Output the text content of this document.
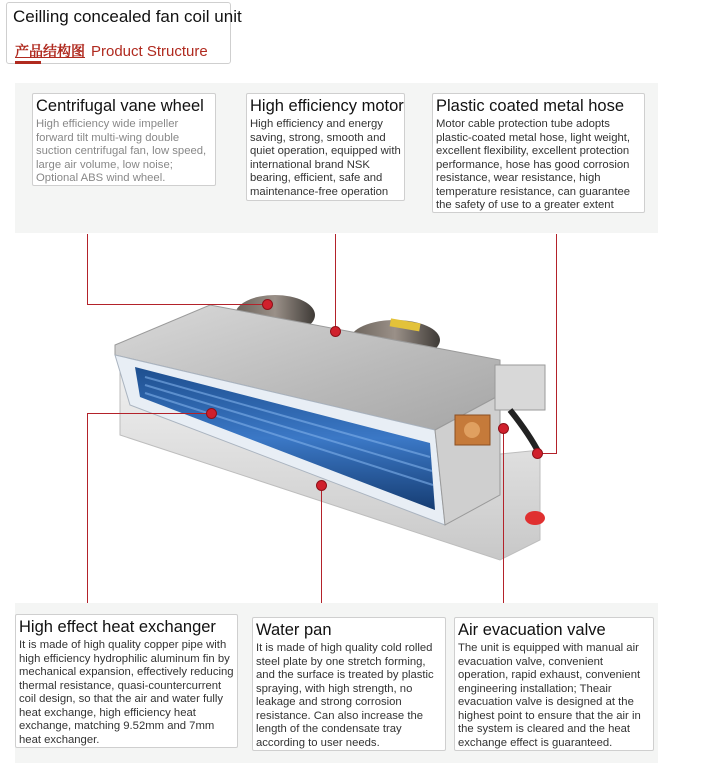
Ceilling concealed fan coil unit
产品结构图 Product Structure
Centrifugal vane wheel
High efficiency wide impeller forward tilt multi-wing double suction centrifugal fan, low speed, large air volume, low noise; Optional ABS wind wheel.
High efficiency motor
High efficiency and energy saving, strong, smooth and quiet operation, equipped with international brand NSK bearing, efficient, safe and maintenance-free operation
Plastic coated metal hose
Motor cable protection tube adopts plastic-coated metal hose, light weight, excellent flexibility, excellent protection performance, hose has good corrosion resistance, wear resistance, high temperature resistance, can guarantee the safety of use to a greater extent
High effect heat exchanger
It is made of high quality copper pipe with high efficiency hydrophilic aluminum fin by mechanical expansion, effectively reducing thermal resistance, quasi-countercurrent coil design, so that the air and water fully heat exchange, high efficiency heat exchange, matching 9.52mm and 7mm heat exchanger.
Water pan
It is made of high quality cold rolled steel plate by one stretch forming, and the surface is treated by plastic spraying, with high strength, no leakage and strong corrosion resistance. Can also increase the length of the condensate tray according to user needs.
Air evacuation valve
The unit is equipped with manual air evacuation valve, convenient operation, rapid exhaust, convenient engineering installation; Theair evacuation valve is designed at the highest point to ensure that the air in the system is cleared and the heat exchange effect is guaranteed.
